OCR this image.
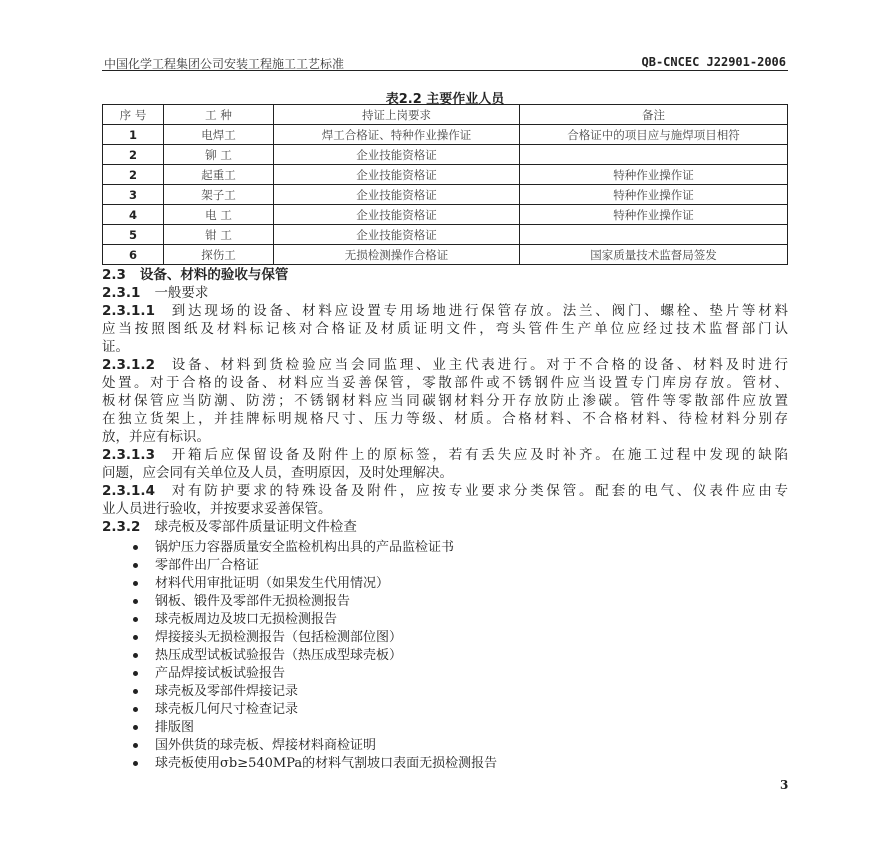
中国化学工程集团公司安装工程施工工艺标准	QB-CNCEC J22901-2006
表2.2 主要作业人员
序 号	工 种	持证上岗要求	备注
1	电焊工	焊工合格证、特种作业操作证	合格证中的项目应与施焊项目相符
2	铆 工	企业技能资格证	
2	起重工	企业技能资格证	特种作业操作证
3	架子工	企业技能资格证	特种作业操作证
4	电 工	企业技能资格证	特种作业操作证
5	钳 工	企业技能资格证	
6	探伤工	无损检测操作合格证	国家质量技术监督局签发
2.3 设备、材料的验收与保管
2.3.1 一般要求
2.3.1.1 到达现场的设备、材料应设置专用场地进行保管存放。法兰、阀门、螺栓、垫片等材料
应当按照图纸及材料标记核对合格证及材质证明文件，弯头管件生产单位应经过技术监督部门认
证。
2.3.1.2 设备、材料到货检验应当会同监理、业主代表进行。对于不合格的设备、材料及时进行
处置。对于合格的设备、材料应当妥善保管，零散部件或不锈钢件应当设置专门库房存放。管材、
板材保管应当防潮、防涝；不锈钢材料应当同碳钢材料分开存放防止渗碳。管件等零散部件应放置
在独立货架上，并挂牌标明规格尺寸、压力等级、材质。合格材料、不合格材料、待检材料分别存
放，并应有标识。
2.3.1.3 开箱后应保留设备及附件上的原标签，若有丢失应及时补齐。在施工过程中发现的缺陷
问题，应会同有关单位及人员，查明原因，及时处理解决。
2.3.1.4 对有防护要求的特殊设备及附件，应按专业要求分类保管。配套的电气、仪表件应由专
业人员进行验收，并按要求妥善保管。
2.3.2 球壳板及零部件质量证明文件检查
锅炉压力容器质量安全监检机构出具的产品监检证书
零部件出厂合格证
材料代用审批证明（如果发生代用情况）
钢板、锻件及零部件无损检测报告
球壳板周边及坡口无损检测报告
焊接接头无损检测报告（包括检测部位图）
热压成型试板试验报告（热压成型球壳板）
产品焊接试板试验报告
球壳板及零部件焊接记录
球壳板几何尺寸检查记录
排版图
国外供货的球壳板、焊接材料商检证明
球壳板使用σb≥540MPa的材料气割坡口表面无损检测报告
3
